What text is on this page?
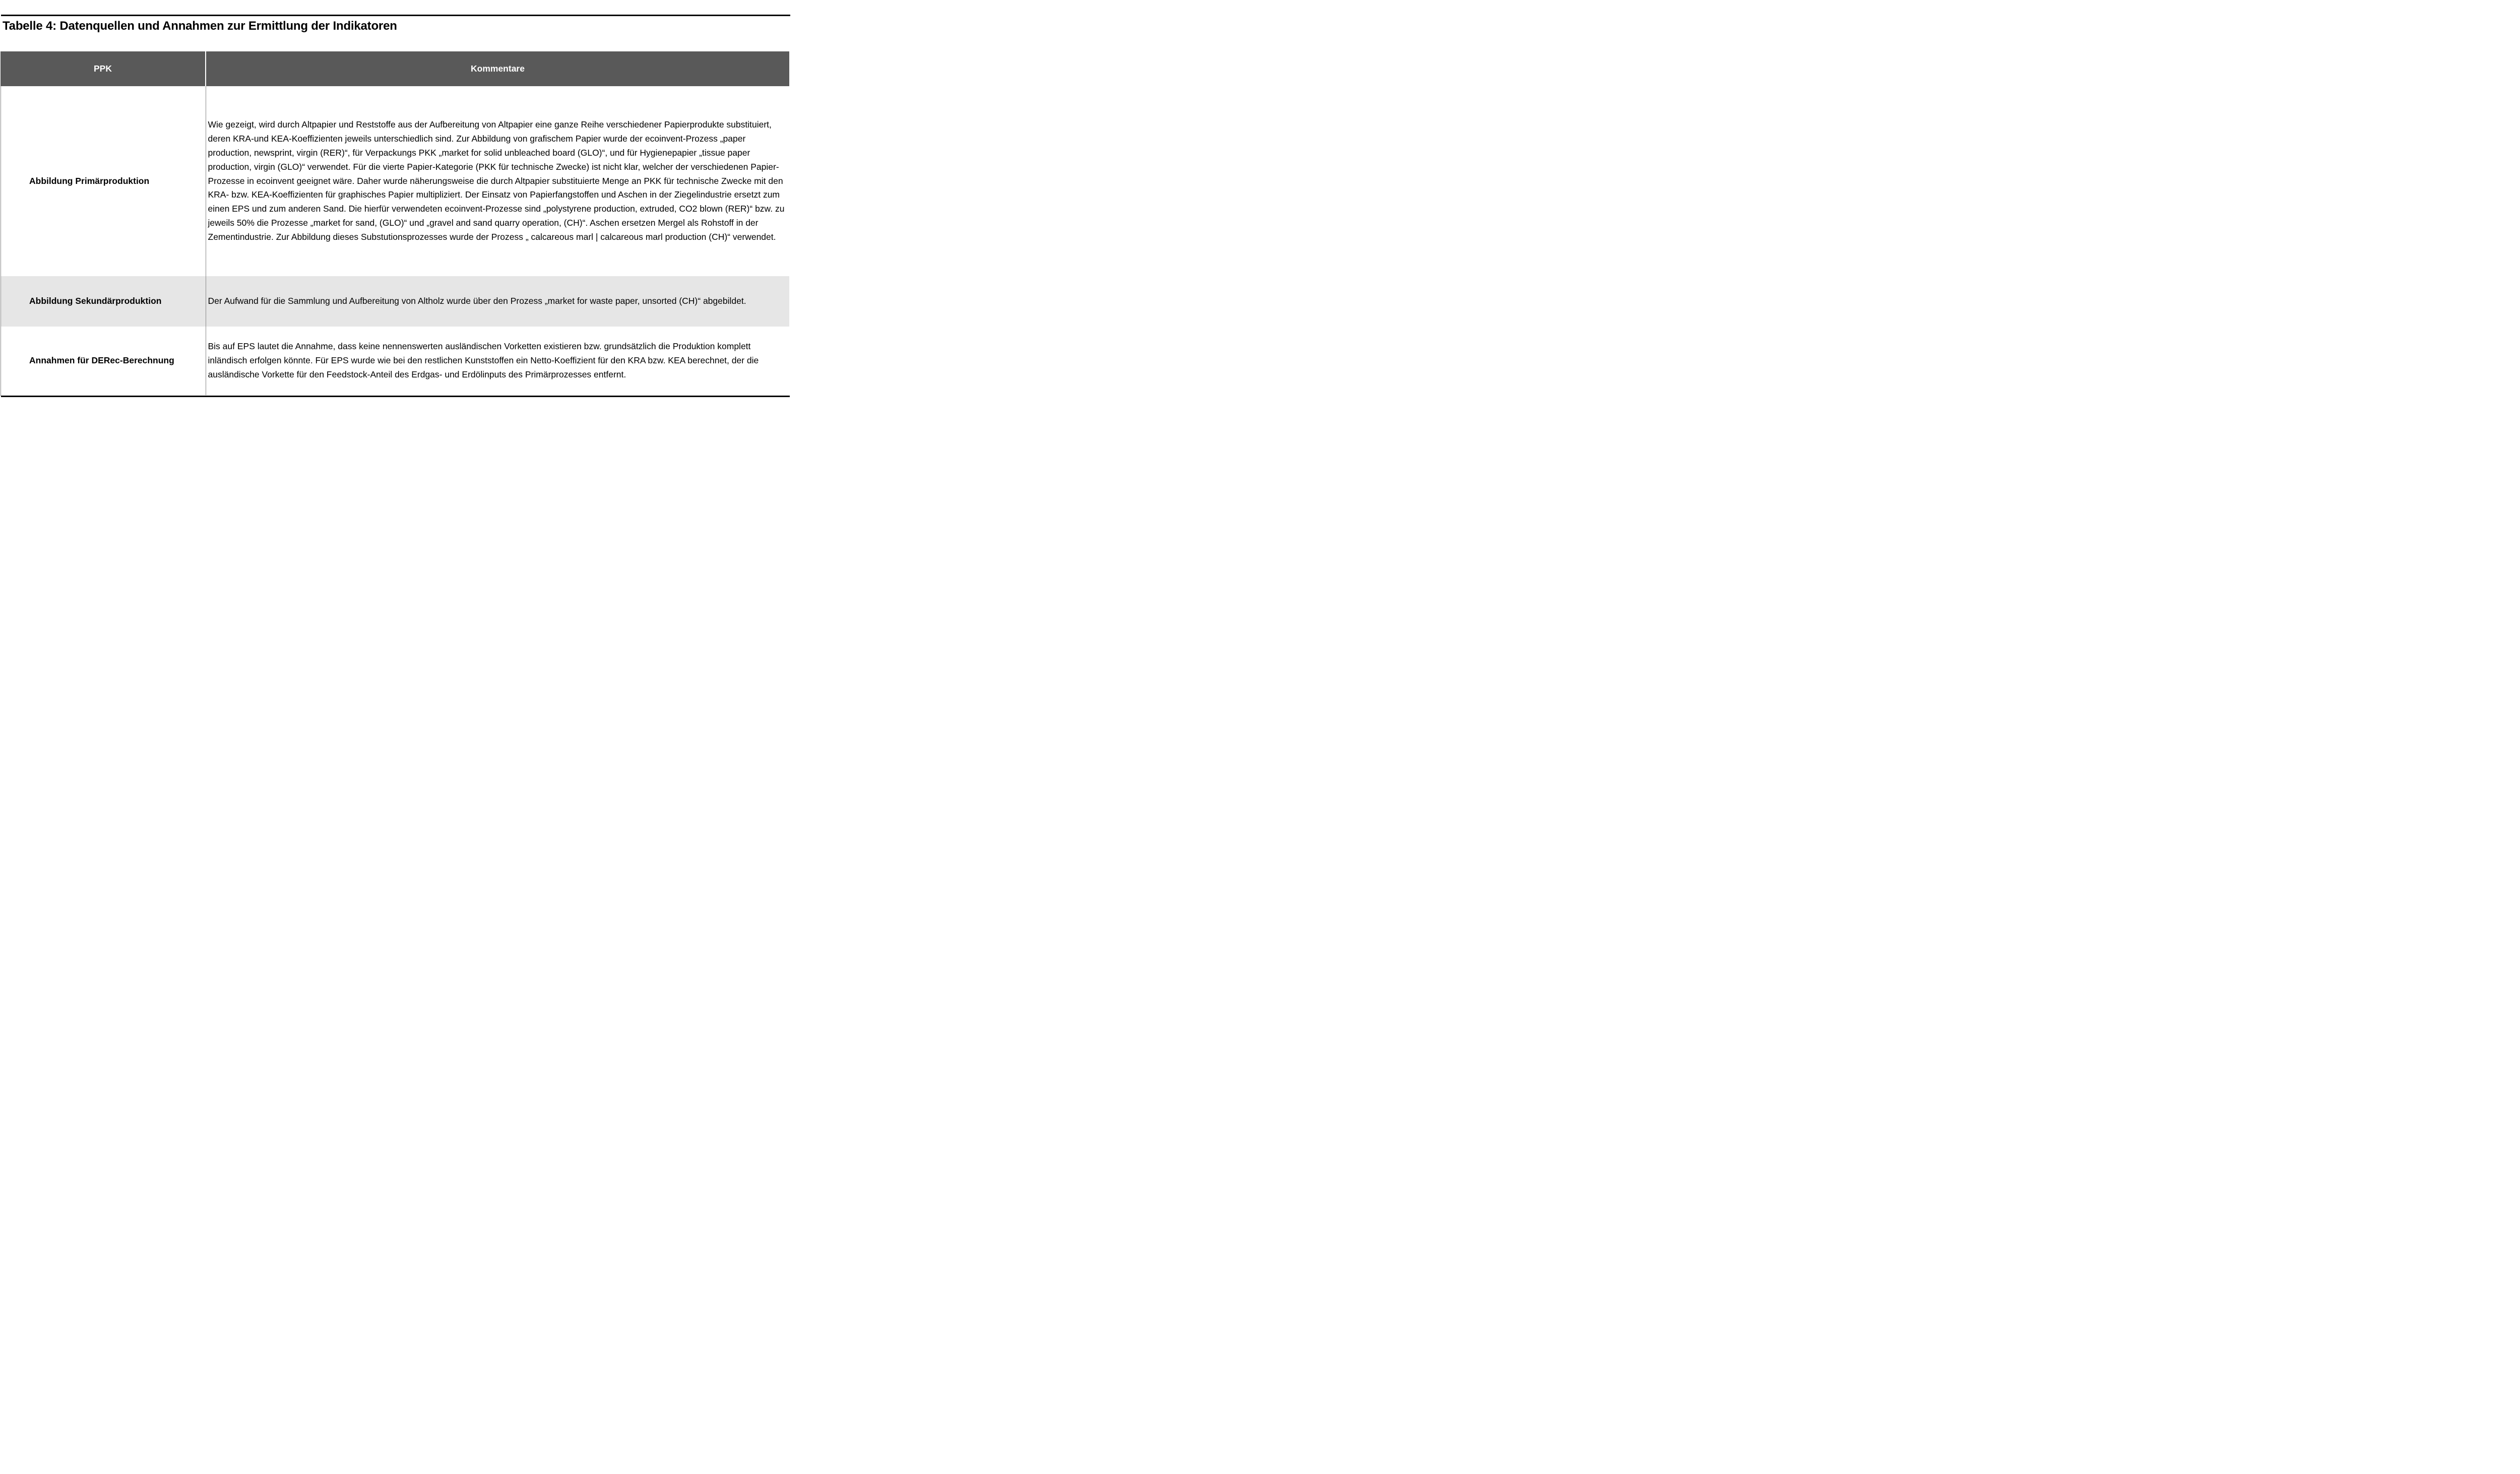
Tabelle 4: Datenquellen und Annahmen zur Ermittlung der Indikatoren
PPK	Kommentare
Abbildung Primärproduktion	Wie gezeigt, wird durch Altpapier und Reststoffe aus der Aufbereitung von Altpapier eine ganze Reihe verschiedener Papierprodukte substituiert, deren KRA-und KEA-Koeffizienten jeweils unterschiedlich sind. Zur Abbildung von grafischem Papier wurde der ecoinvent-Prozess „paper production, newsprint, virgin (RER)“, für Verpackungs PKK „market for solid unbleached board (GLO)“, und für Hygienepapier „tissue paper production, virgin (GLO)“ verwendet. Für die vierte Papier-Kategorie (PKK für technische Zwecke) ist nicht klar, welcher der verschiedenen Papier-Prozesse in ecoinvent geeignet wäre. Daher wurde näherungsweise die durch Altpapier substituierte Menge an PKK für technische Zwecke mit den KRA- bzw. KEA-Koeffizienten für graphisches Papier multipliziert. Der Einsatz von Papierfangstoffen und Aschen in der Ziegelindustrie ersetzt zum einen EPS und zum anderen Sand. Die hierfür verwendeten ecoinvent-Prozesse sind „polystyrene production, extruded, CO2 blown (RER)“ bzw. zu jeweils 50% die Prozesse „market for sand, (GLO)“ und „gravel and sand quarry operation, (CH)“. Aschen ersetzen Mergel als Rohstoff in der Zementindustrie. Zur Abbildung dieses Substutionsprozesses wurde der Prozess „ calcareous marl | calcareous marl production (CH)“ verwendet.
Abbildung Sekundärproduktion	Der Aufwand für die Sammlung und Aufbereitung von Altholz wurde über den Prozess „market for waste paper, unsorted (CH)“ abgebildet.
Annahmen für DERec-Berechnung	Bis auf EPS lautet die Annahme, dass keine nennenswerten ausländischen Vorketten existieren bzw. grundsätzlich die Produktion komplett inländisch erfolgen könnte. Für EPS wurde wie bei den restlichen Kunststoffen ein Netto-Koeffizient für den KRA bzw. KEA berechnet, der die ausländische Vorkette für den Feedstock-Anteil des Erdgas- und Erdölinputs des Primärprozesses entfernt.
